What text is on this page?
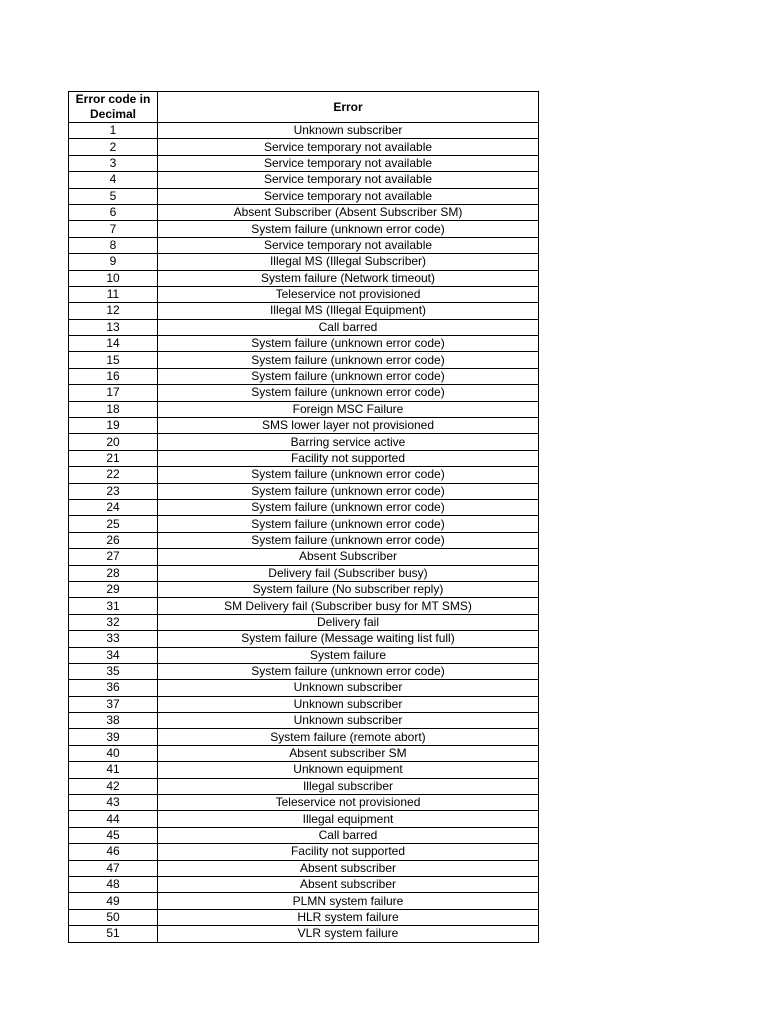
Error code in Decimal	Error
1	Unknown subscriber
2	Service temporary not available
3	Service temporary not available
4	Service temporary not available
5	Service temporary not available
6	Absent Subscriber (Absent Subscriber SM)
7	System failure (unknown error code)
8	Service temporary not available
9	Illegal MS (Illegal Subscriber)
10	System failure (Network timeout)
11	Teleservice not provisioned
12	Illegal MS (Illegal Equipment)
13	Call barred
14	System failure (unknown error code)
15	System failure (unknown error code)
16	System failure (unknown error code)
17	System failure (unknown error code)
18	Foreign MSC Failure
19	SMS lower layer not provisioned
20	Barring service active
21	Facility not supported
22	System failure (unknown error code)
23	System failure (unknown error code)
24	System failure (unknown error code)
25	System failure (unknown error code)
26	System failure (unknown error code)
27	Absent Subscriber
28	Delivery fail (Subscriber busy)
29	System failure (No subscriber reply)
31	SM Delivery fail (Subscriber busy for MT SMS)
32	Delivery fail
33	System failure (Message waiting list full)
34	System failure
35	System failure (unknown error code)
36	Unknown subscriber
37	Unknown subscriber
38	Unknown subscriber
39	System failure (remote abort)
40	Absent subscriber SM
41	Unknown equipment
42	Illegal subscriber
43	Teleservice not provisioned
44	Illegal equipment
45	Call barred
46	Facility not supported
47	Absent subscriber
48	Absent subscriber
49	PLMN system failure
50	HLR system failure
51	VLR system failure
